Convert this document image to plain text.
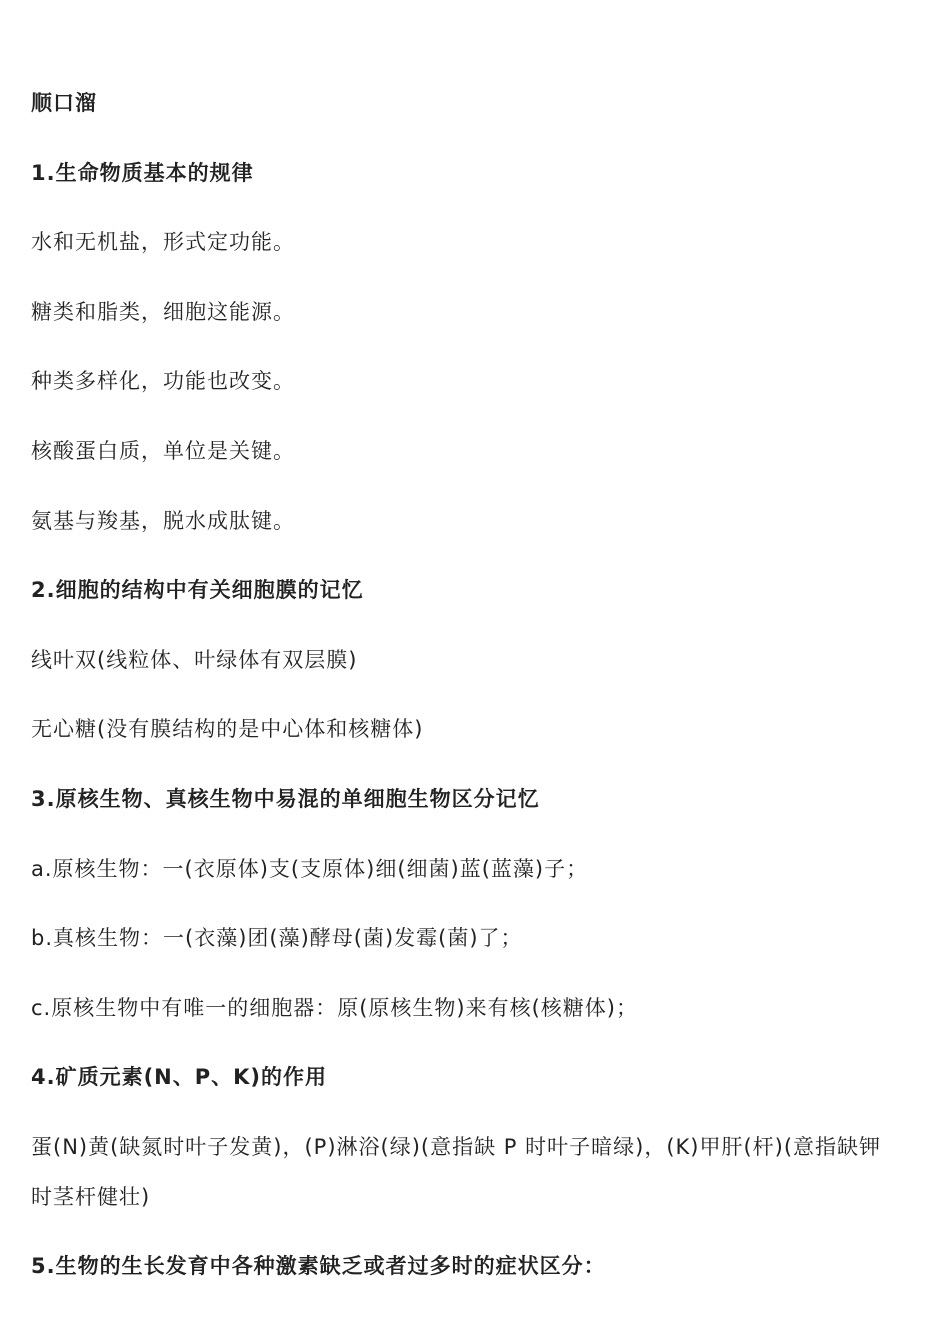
顺口溜
1.生命物质基本的规律
水和无机盐，形式定功能。
糖类和脂类，细胞这能源。
种类多样化，功能也改变。
核酸蛋白质，单位是关键。
氨基与羧基，脱水成肽键。
2.细胞的结构中有关细胞膜的记忆
线叶双(线粒体、叶绿体有双层膜)
无心糖(没有膜结构的是中心体和核糖体)
3.原核生物、真核生物中易混的单细胞生物区分记忆
a.原核生物：一(衣原体)支(支原体)细(细菌)蓝(蓝藻)子；
b.真核生物：一(衣藻)团(藻)酵母(菌)发霉(菌)了；
c.原核生物中有唯一的细胞器：原(原核生物)来有核(核糖体)；
4.矿质元素(N、P、K)的作用
蛋(N)黄(缺氮时叶子发黄)，(P)淋浴(绿)(意指缺 P 时叶子暗绿)，(K)甲肝(杆)(意指缺钾时茎杆健壮)
5.生物的生长发育中各种激素缺乏或者过多时的症状区分：
